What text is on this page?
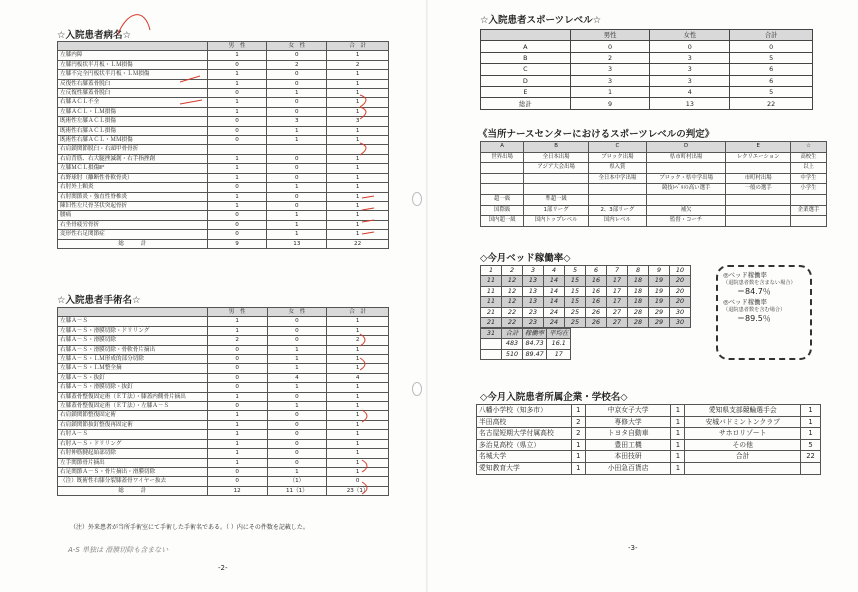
☆入院患者病名☆
	男　性	女　性	合　計
左膝内障	1	0	1
左膝円板状半月板・ＬＭ損傷	0	2	2
左膝不完全円板状半月板・ＬＭ損傷	1	0	1
反復性右膝蓋骨脱臼	1	0	1
左反復性膝蓋骨脱臼	0	1	1
右膝ＡＣＬ不全	1	0	1
左膝ＡＣＬ・ＬＭ損傷	1	0	1
既術性左膝ＡＣＬ損傷	0	3	3
既術性右膝ＡＣＬ損傷	0	1	1
既術性右膝ＡＣＬ・ＭＭ損傷	0	1	1
右肩鎖関節脱臼・右頭甲骨骨折			
右肩背筋、右大腿挫滅創・右手指挫創	1	0	1
左膝ＭＣＬ損傷Ⅱ°	1	0	1
右野球肘（離断性骨軟骨炎）	1	0	1
右肘外上顆炎	0	1	1
右肘関節炎・強直性脊椎炎	1	0	1
陳旧性左尺骨茎状突起骨折	1	0	1
腰痛	0	1	1
右坐骨疲労骨折	0	1	1
変形性右足関節症	0	1	1
総　　　計	9	13	22
☆入院患者手術名☆
	男　性	女　性	合　計
左膝Ａ－Ｓ	1	0	1
左膝Ａ－Ｓ・滑膜切除・ドリリング	1	0	1
右膝Ａ－Ｓ・滑膜切除	2	0	2
右膝Ａ－Ｓ・滑膜切除・骨軟骨片摘出	0	1	1
左膝Ａ－Ｓ・ＬＭ形成的部分切除	0	1	1
左膝Ａ－Ｓ・ＬＭ整全摘	0	1	1
左膝Ａ－Ｓ・抜釘	0	4	4
右膝Ａ－Ｓ・滑膜切除・抜釘	0	1	1
右膝蓋骨整復固定術（ＥＴ法）・膝蓋内側骨片摘出	1	0	1
左膝蓋骨整復固定術（ＥＴ法）・左膝Ａ－Ｓ	0	1	1
右肩鎖関節整復固定術	1	0	1
右肩鎖関節抜釘整復再固定術	1	0	1
右肘Ａ－Ｓ	1	0	1
右肘Ａ－Ｓ・ドリリング	1	0	1
右肘伸筋腱起始部切除	1	0	1
左手関節骨片摘出	1	0	1
右足関節Ａ－Ｓ・骨片摘出・滑膜切除	0	1	1
（注）既術性右膝分裂膝蓋骨ワイヤー抜去	0	（1）	0
総　　　計	12	11（1）	23（1）
（注）外来患者が当所手術室にて手術した手術名である。（ ）内にその件数を記載した。
A-S 単独は 滑膜切除も含まない
-2-
☆入院患者スポーツレベル☆
	男性	女性	合計
A	0	0	0
B	2	3	5
C	3	3	6
D	3	3	6
E	1	4	5
総計	9	13	22
《当所ナースセンターにおけるスポーツレベルの判定》
A	B	C	D	E	☆
世界出場	全日本出場	ブロック出場	県市町村出場	レクリエーション	高校生
	アジア大会出場	県入賞			以上
		全日本中学出場	ブロック・県中学出場	市町村出場	中学生
			競技ﾚﾍﾞﾙの高い選手	一般の選手	小学生
超一級	準超一級				
国際級	1部リーグ	2、3部リーグ	補欠		企業選手
国内超一級	国内トップレベル	国内レベル	監督・コーチ		
◇今月ベッド稼働率◇
1	2	3	4	5	6	7	8	9	10
11	12	13	14	15	16	17	18	19	20
11	12	13	14	15	16	17	18	19	20
11	12	13	14	15	16	17	18	19	20
21	22	23	24	25	26	27	28	29	30
21	22	23	24	25	26	27	28	29	30
31	合計	稼働率	平均在
	483	84.73	16.1
	510	89.47	17
◎ベッド稼働率
（退院患者数を含まない場合）
＝84.7％
◎ベッド稼働率
（退院患者数を含む場合）
＝89.5％
◇今月入院患者所属企業・学校名◇
八幡小学校（知多市）	1	中京女子大学	1	愛知県支部競輪選手会	1
半田高校	2	専修大学	1	安城バドミントンクラブ	1
名古屋短期大学付属高校	2	トヨタ自動車	1	サホロリゾート	1
多治見高校（県立）	1	豊田工機	1	その他	5
名城大学	1	本田技研	1	合計	22
愛知教育大学	1	小田急百貨店	1		
-3-
